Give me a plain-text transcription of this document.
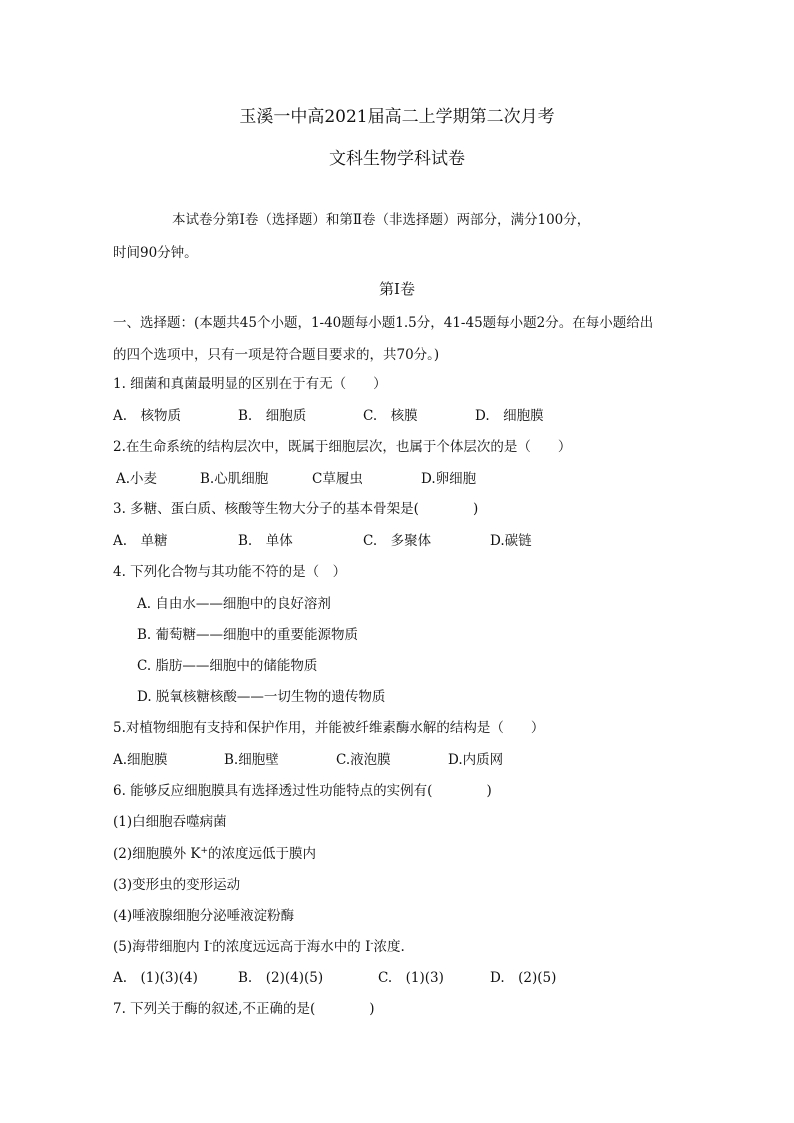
玉溪一中高2021届高二上学期第二次月考
文科生物学科试卷
本试卷分第Ⅰ卷（选择题）和第Ⅱ卷（非选择题）两部分，满分100分，
时间90分钟。
第Ⅰ卷
一、选择题：(本题共45个小题，1-40题每小题1.5分，41-45题每小题2分。在每小题给出
的四个选项中，只有一项是符合题目要求的，共70分。)
1. 细菌和真菌最明显的区别在于有无（　　）
A.　核物质	B.　细胞质	C.　核膜	D.　细胞膜
2.在生命系统的结构层次中，既属于细胞层次，也属于个体层次的是（　　）
A.小麦	B.心肌细胞	C草履虫	D.卵细胞
3. 多糖、蛋白质、核酸等生物大分子的基本骨架是(　　　　)
A.　单糖	B.　单体	C.　多聚体	D.碳链
4. 下列化合物与其功能不符的是（　）
A. 自由水——细胞中的良好溶剂
B. 葡萄糖——细胞中的重要能源物质
C. 脂肪——细胞中的储能物质
D. 脱氧核糖核酸——一切生物的遗传物质
5.对植物细胞有支持和保护作用，并能被纤维素酶水解的结构是（　　）
A.细胞膜	B.细胞壁	C.液泡膜	D.内质网
6. 能够反应细胞膜具有选择透过性功能特点的实例有(　　　　)
(1)白细胞吞噬病菌
(2)细胞膜外 K+的浓度远低于膜内
(3)变形虫的变形运动
(4)唾液腺细胞分泌唾液淀粉酶
(5)海带细胞内 I-的浓度远远高于海水中的 I-浓度.
A.　(1)(3)(4)	B.　(2)(4)(5)	C.　(1)(3)	D.　(2)(5)
7. 下列关于酶的叙述,不正确的是(　　　　)
